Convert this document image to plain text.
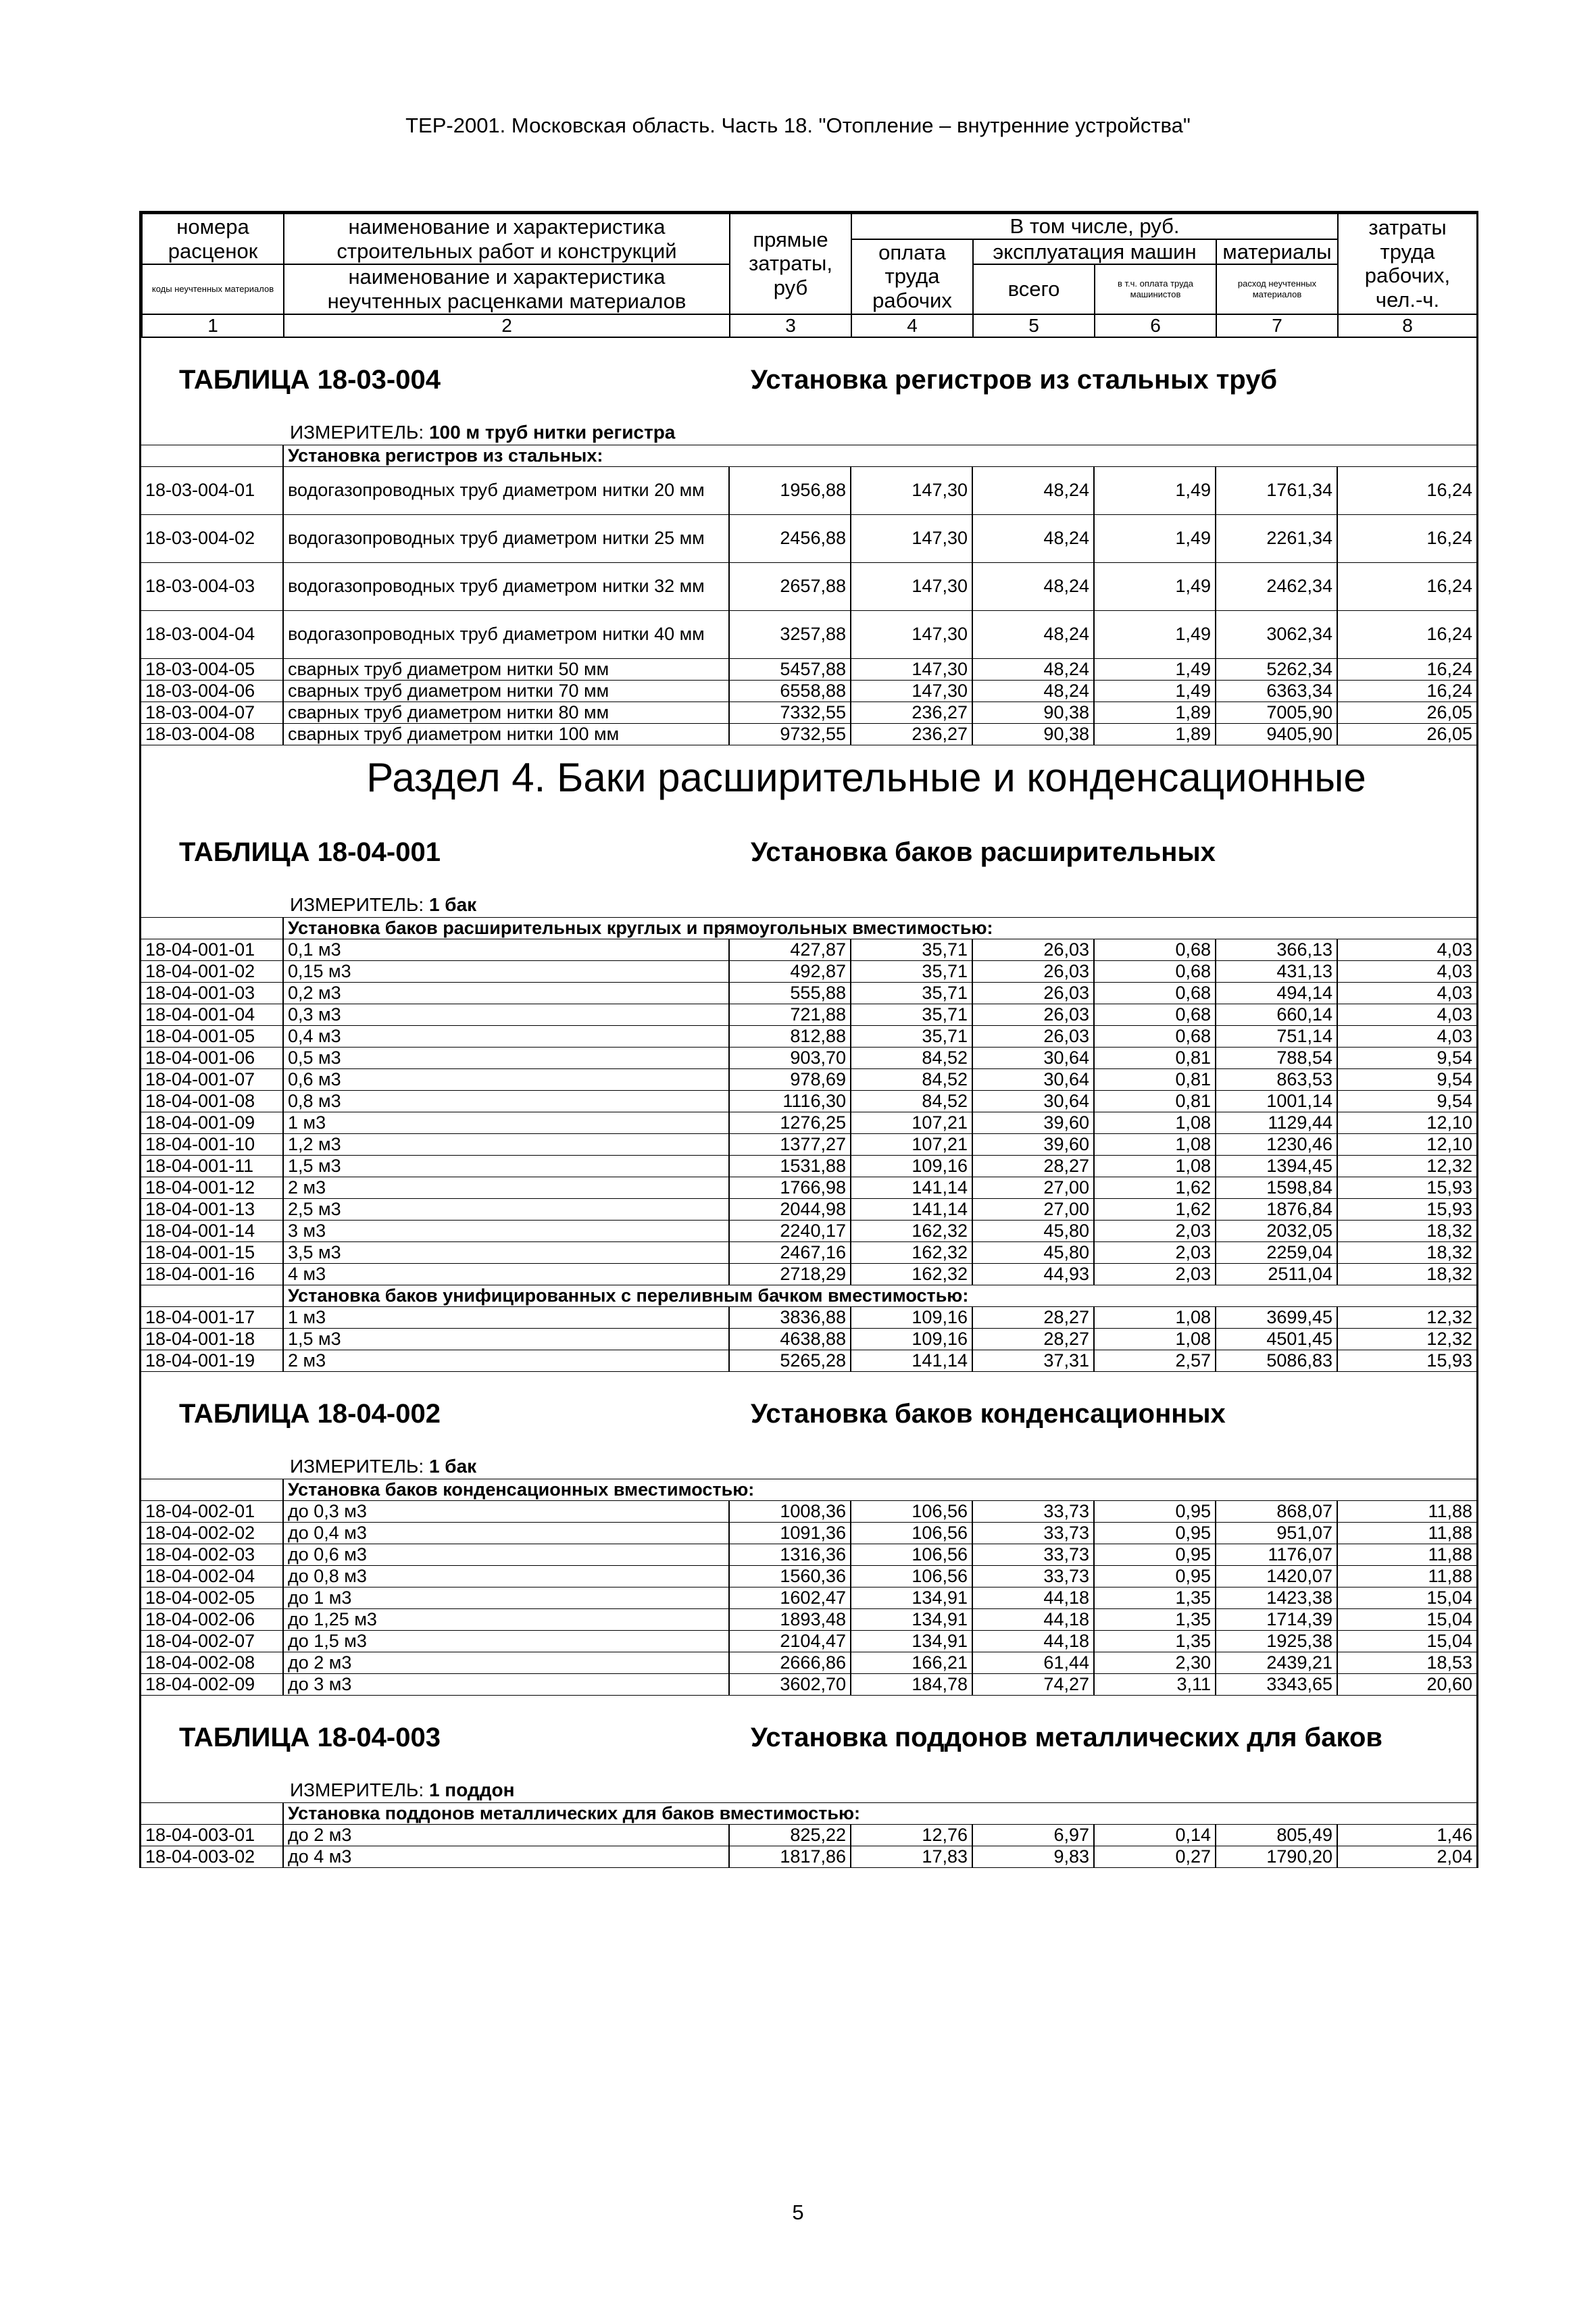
ТЕР-2001. Московская область. Часть 18. "Отопление – внутренние устройства"
номера расценок	наименование и характеристика строительных работ и конструкций	прямые затраты, руб	В том числе, руб.				затраты труда рабочих, чел.-ч.
			оплата труда рабочих	эксплуатация машин		материалы	
коды неучтенных материалов	наименование и характеристика неучтенных расценками материалов			всего	в т.ч. оплата труда машинистов	расход неучтенных материалов	

1	2	3	4	5	6	7	8
ТАБЛИЦА 18-03-004	Установка регистров из стальных труб
ИЗМЕРИТЕЛЬ: 100 м труб нитки регистра
	Установка регистров из стальных:						
18-03-004-01	водогазопроводных труб диаметром нитки 20 мм	1956,88	147,30	48,24	1,49	1761,34	16,24
18-03-004-02	водогазопроводных труб диаметром нитки 25 мм	2456,88	147,30	48,24	1,49	2261,34	16,24
18-03-004-03	водогазопроводных труб диаметром нитки 32 мм	2657,88	147,30	48,24	1,49	2462,34	16,24
18-03-004-04	водогазопроводных труб диаметром нитки 40 мм	3257,88	147,30	48,24	1,49	3062,34	16,24
18-03-004-05	сварных труб диаметром нитки 50 мм	5457,88	147,30	48,24	1,49	5262,34	16,24
18-03-004-06	сварных труб диаметром нитки 70 мм	6558,88	147,30	48,24	1,49	6363,34	16,24
18-03-004-07	сварных труб диаметром нитки 80 мм	7332,55	236,27	90,38	1,89	7005,90	26,05
18-03-004-08	сварных труб диаметром нитки 100 мм	9732,55	236,27	90,38	1,89	9405,90	26,05
Раздел 4. Баки расширительные и конденсационные
ТАБЛИЦА 18-04-001	Установка баков расширительных
ИЗМЕРИТЕЛЬ: 1 бак
	Установка баков расширительных круглых и прямоугольных вместимостью:						
18-04-001-01	0,1 м3	427,87	35,71	26,03	0,68	366,13	4,03
18-04-001-02	0,15 м3	492,87	35,71	26,03	0,68	431,13	4,03
18-04-001-03	0,2 м3	555,88	35,71	26,03	0,68	494,14	4,03
18-04-001-04	0,3 м3	721,88	35,71	26,03	0,68	660,14	4,03
18-04-001-05	0,4 м3	812,88	35,71	26,03	0,68	751,14	4,03
18-04-001-06	0,5 м3	903,70	84,52	30,64	0,81	788,54	9,54
18-04-001-07	0,6 м3	978,69	84,52	30,64	0,81	863,53	9,54
18-04-001-08	0,8 м3	1116,30	84,52	30,64	0,81	1001,14	9,54
18-04-001-09	1 м3	1276,25	107,21	39,60	1,08	1129,44	12,10
18-04-001-10	1,2 м3	1377,27	107,21	39,60	1,08	1230,46	12,10
18-04-001-11	1,5 м3	1531,88	109,16	28,27	1,08	1394,45	12,32
18-04-001-12	2 м3	1766,98	141,14	27,00	1,62	1598,84	15,93
18-04-001-13	2,5 м3	2044,98	141,14	27,00	1,62	1876,84	15,93
18-04-001-14	3 м3	2240,17	162,32	45,80	2,03	2032,05	18,32
18-04-001-15	3,5 м3	2467,16	162,32	45,80	2,03	2259,04	18,32
18-04-001-16	4 м3	2718,29	162,32	44,93	2,03	2511,04	18,32
	Установка баков унифицированных с переливным бачком вместимостью:						
18-04-001-17	1 м3	3836,88	109,16	28,27	1,08	3699,45	12,32
18-04-001-18	1,5 м3	4638,88	109,16	28,27	1,08	4501,45	12,32
18-04-001-19	2 м3	5265,28	141,14	37,31	2,57	5086,83	15,93
ТАБЛИЦА 18-04-002	Установка баков конденсационных
ИЗМЕРИТЕЛЬ: 1 бак
	Установка баков конденсационных вместимостью:						
18-04-002-01	до 0,3 м3	1008,36	106,56	33,73	0,95	868,07	11,88
18-04-002-02	до 0,4 м3	1091,36	106,56	33,73	0,95	951,07	11,88
18-04-002-03	до 0,6 м3	1316,36	106,56	33,73	0,95	1176,07	11,88
18-04-002-04	до 0,8 м3	1560,36	106,56	33,73	0,95	1420,07	11,88
18-04-002-05	до 1 м3	1602,47	134,91	44,18	1,35	1423,38	15,04
18-04-002-06	до 1,25 м3	1893,48	134,91	44,18	1,35	1714,39	15,04
18-04-002-07	до 1,5 м3	2104,47	134,91	44,18	1,35	1925,38	15,04
18-04-002-08	до 2 м3	2666,86	166,21	61,44	2,30	2439,21	18,53
18-04-002-09	до 3 м3	3602,70	184,78	74,27	3,11	3343,65	20,60
ТАБЛИЦА 18-04-003	Установка поддонов металлических для баков
ИЗМЕРИТЕЛЬ: 1 поддон
	Установка поддонов металлических для баков вместимостью:						
18-04-003-01	до 2 м3	825,22	12,76	6,97	0,14	805,49	1,46
18-04-003-02	до 4 м3	1817,86	17,83	9,83	0,27	1790,20	2,04
5
